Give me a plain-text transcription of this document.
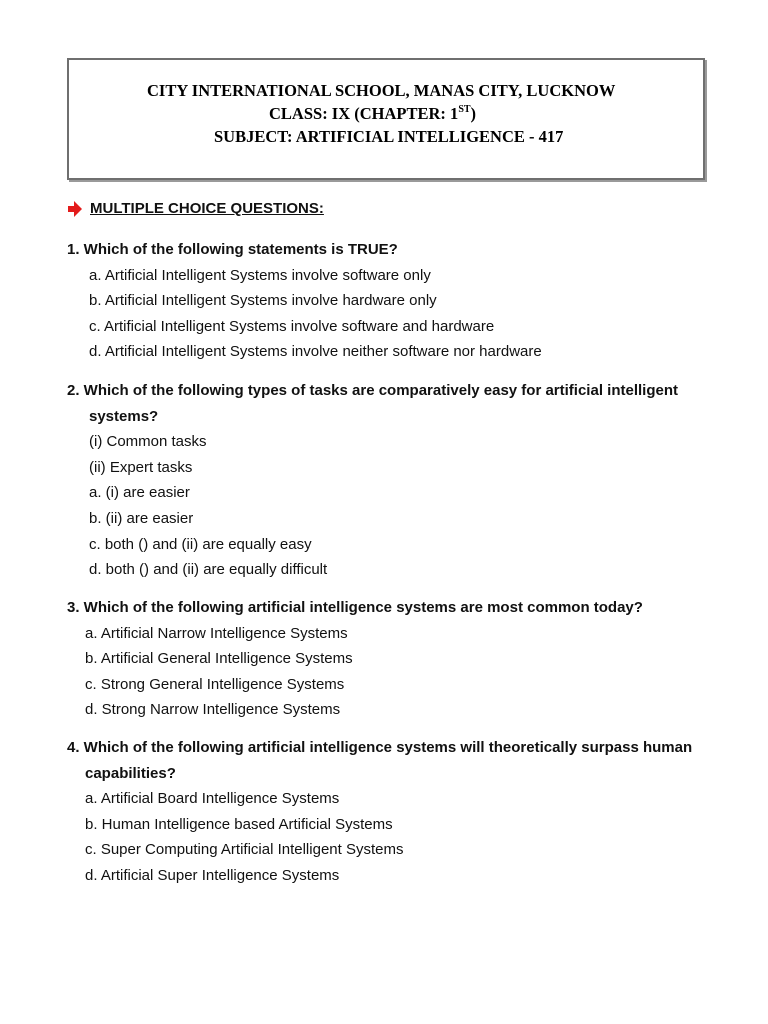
CITY INTERNATIONAL SCHOOL, MANAS CITY, LUCKNOW
CLASS: IX (CHAPTER: 1ST)
SUBJECT: ARTIFICIAL INTELLIGENCE - 417
MULTIPLE CHOICE QUESTIONS:
1. Which of the following statements is TRUE?
a. Artificial Intelligent Systems involve software only
b. Artificial Intelligent Systems involve hardware only
c. Artificial Intelligent Systems involve software and hardware
d. Artificial Intelligent Systems involve neither software nor hardware
2. Which of the following types of tasks are comparatively easy for artificial intelligent
systems?
(i) Common tasks
(ii) Expert tasks
a. (i) are easier
b. (ii) are easier
c. both () and (ii) are equally easy
d. both () and (ii) are equally difficult
3. Which of the following artificial intelligence systems are most common today?
a. Artificial Narrow Intelligence Systems
b. Artificial General Intelligence Systems
c. Strong General Intelligence Systems
d. Strong Narrow Intelligence Systems
4. Which of the following artificial intelligence systems will theoretically surpass human
capabilities?
a. Artificial Board Intelligence Systems
b. Human Intelligence based Artificial Systems
c. Super Computing Artificial Intelligent Systems
d. Artificial Super Intelligence Systems
